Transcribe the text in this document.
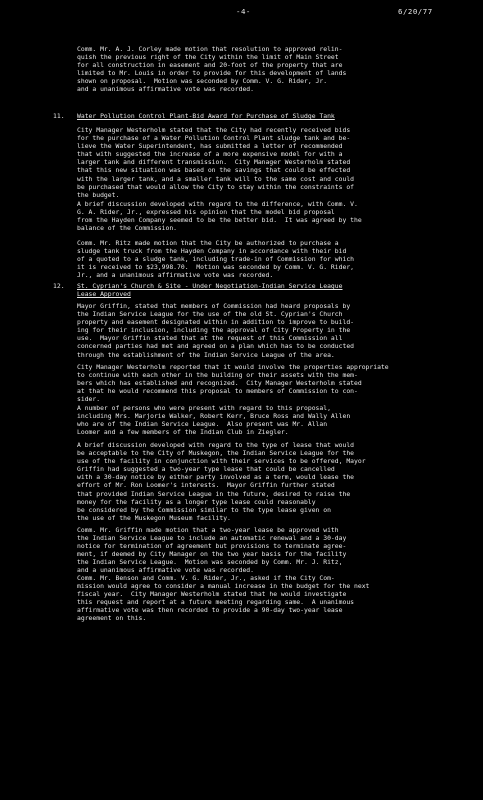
-4-	6/20/77

Comm. Mr. A. J. Corley made motion that resolution to approved relin-

quish the previous right of the City within the limit of Main Street

for all construction in easement and 20-foot of the property that are

limited to Mr. Louis in order to provide for this development of lands

shown on proposal.  Motion was seconded by Comm. V. G. Rider, Jr.

and a unanimous affirmative vote was recorded.

11. Water Pollution Control Plant-Bid Award for Purchase of Sludge Tank

City Manager Westerholm stated that the City had recently received bids

for the purchase of a Water Pollution Control Plant sludge tank and be-

lieve the Water Superintendent, has submitted a letter of recommended

that with suggested the increase of a more expensive model for with a

larger tank and different transmission.  City Manager Westerholm stated

that this new situation was based on the savings that could be effected

with the larger tank, and a smaller tank will to the same cost and could

be purchased that would allow the City to stay within the constraints of

the budget.

A brief discussion developed with regard to the difference, with Comm. V.

G. A. Rider, Jr., expressed his opinion that the model bid proposal

from the Hayden Company seemed to be the better bid.  It was agreed by the

balance of the Commission.

Comm. Mr. Ritz made motion that the City be authorized to purchase a

sludge tank truck from the Hayden Company in accordance with their bid

of a quoted to a sludge tank, including trade-in of Commission for which

it is received to $23,998.70.  Motion was seconded by Comm. V. G. Rider,

Jr., and a unanimous affirmative vote was recorded.

12. St. Cyprian's Church & Site - Under Negotiation-Indian Service League

Lease Approved

Mayor Griffin, stated that members of Commission had heard proposals by

the Indian Service League for the use of the old St. Cyprian's Church

property and easement designated within in addition to improve to build-

ing for their inclusion, including the approval of City Property in the

use.  Mayor Griffin stated that at the request of this Commission all

concerned parties had met and agreed on a plan which has to be conducted

through the establishment of the Indian Service League of the area.

City Manager Westerholm reported that it would involve the properties appropriate

to continue with each other in the building or their assets with the mem-

bers which has established and recognized.  City Manager Westerholm stated

at that he would recommend this proposal to members of Commission to con-

sider.

A number of persons who were present with regard to this proposal,

including Mrs. Marjorie Walker, Robert Kerr, Bruce Ross and Wally Allen

who are of the Indian Service League.  Also present was Mr. Allan

Loomer and a few members of the Indian Club in Ziegler.

A brief discussion developed with regard to the type of lease that would

be acceptable to the City of Muskegon, the Indian Service League for the

use of the facility in conjunction with their services to be offered, Mayor

Griffin had suggested a two-year type lease that could be cancelled

with a 30-day notice by either party involved as a term, would lease the

effort of Mr. Ron Loomer's interests.  Mayor Griffin further stated

that provided Indian Service League in the future, desired to raise the

money for the facility as a longer type lease could reasonably

be considered by the Commission similar to the type lease given on

the use of the Muskegon Museum facility.

Comm. Mr. Griffin made motion that a two-year lease be approved with

the Indian Service League to include an automatic renewal and a 30-day

notice for termination of agreement but provisions to terminate agree-

ment, if deemed by City Manager on the two year basis for the facility

the Indian Service League.  Motion was seconded by Comm. Mr. J. Ritz,

and a unanimous affirmative vote was recorded.

Comm. Mr. Benson and Comm. V. G. Rider, Jr., asked if the City Com-

mission would agree to consider a manual increase in the budget for the next

fiscal year.  City Manager Westerholm stated that he would investigate

this request and report at a future meeting regarding same.  A unanimous

affirmative vote was then recorded to provide a 90-day two-year lease

agreement on this.
